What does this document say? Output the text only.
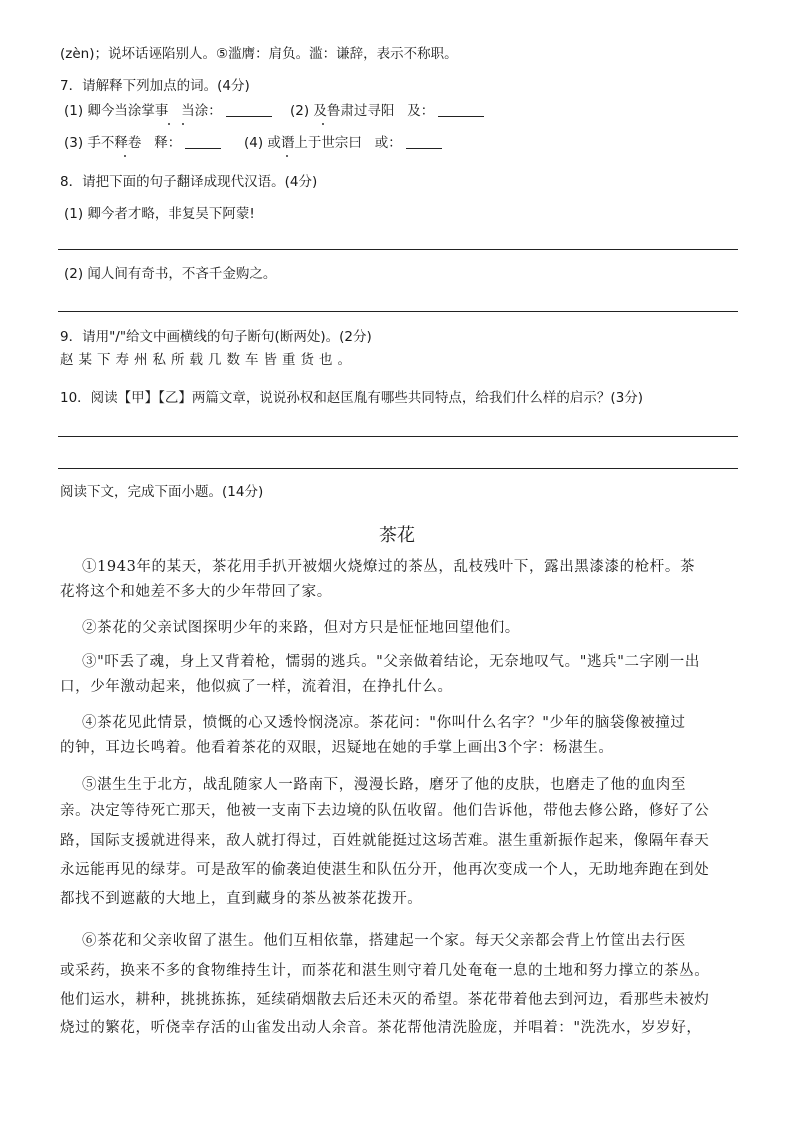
(zèn)；说坏话诬陷别人。⑤滥膺：肩负。滥：谦辞，表示不称职。
7．请解释下列加点的词。(4分)
(1) 卿今当涂掌事 当涂：	(2) 及鲁肃过寻阳 及：
(3) 手不释卷 释：	(4) 或谮上于世宗曰 或：
8．请把下面的句子翻译成现代汉语。(4分)
(1) 卿今者才略，非复吴下阿蒙!
(2) 闻人间有奇书，不吝千金购之。
9．请用"/"给文中画横线的句子断句(断两处)。(2分)
赵某下寿州私所载几数车皆重货也。
10．阅读【甲】【乙】两篇文章，说说孙权和赵匡胤有哪些共同特点，给我们什么样的启示？(3分)
阅读下文，完成下面小题。(14分)
茶花
①1943年的某天，茶花用手扒开被烟火烧燎过的茶丛，乱枝残叶下，露出黑漆漆的枪杆。茶
花将这个和她差不多大的少年带回了家。
②茶花的父亲试图探明少年的来路，但对方只是怔怔地回望他们。
③"吓丢了魂，身上又背着枪，懦弱的逃兵。"父亲做着结论，无奈地叹气。"逃兵"二字刚一出
口，少年激动起来，他似疯了一样，流着泪，在挣扎什么。
④茶花见此情景，愤慨的心又透怜悯浇凉。茶花问："你叫什么名字？"少年的脑袋像被撞过
的钟，耳边长鸣着。他看着茶花的双眼，迟疑地在她的手掌上画出3个字：杨湛生。
⑤湛生生于北方，战乱随家人一路南下，漫漫长路，磨牙了他的皮肤，也磨走了他的血肉至
亲。决定等待死亡那天，他被一支南下去边境的队伍收留。他们告诉他，带他去修公路，修好了公
路，国际支援就进得来，敌人就打得过，百姓就能挺过这场苦难。湛生重新振作起来，像隔年春天
永远能再见的绿芽。可是敌军的偷袭迫使湛生和队伍分开，他再次变成一个人，无助地奔跑在到处
都找不到遮蔽的大地上，直到藏身的茶丛被茶花拨开。
⑥茶花和父亲收留了湛生。他们互相依靠，搭建起一个家。每天父亲都会背上竹筐出去行医
或采药，换来不多的食物维持生计，而茶花和湛生则守着几处奄奄一息的土地和努力撑立的茶丛。
他们运水，耕种，挑挑拣拣，延续硝烟散去后还未灭的希望。茶花带着他去到河边，看那些未被灼
烧过的繁花，听侥幸存活的山雀发出动人余音。茶花帮他清洗脸庞，并唱着："洗洗水，岁岁好，
